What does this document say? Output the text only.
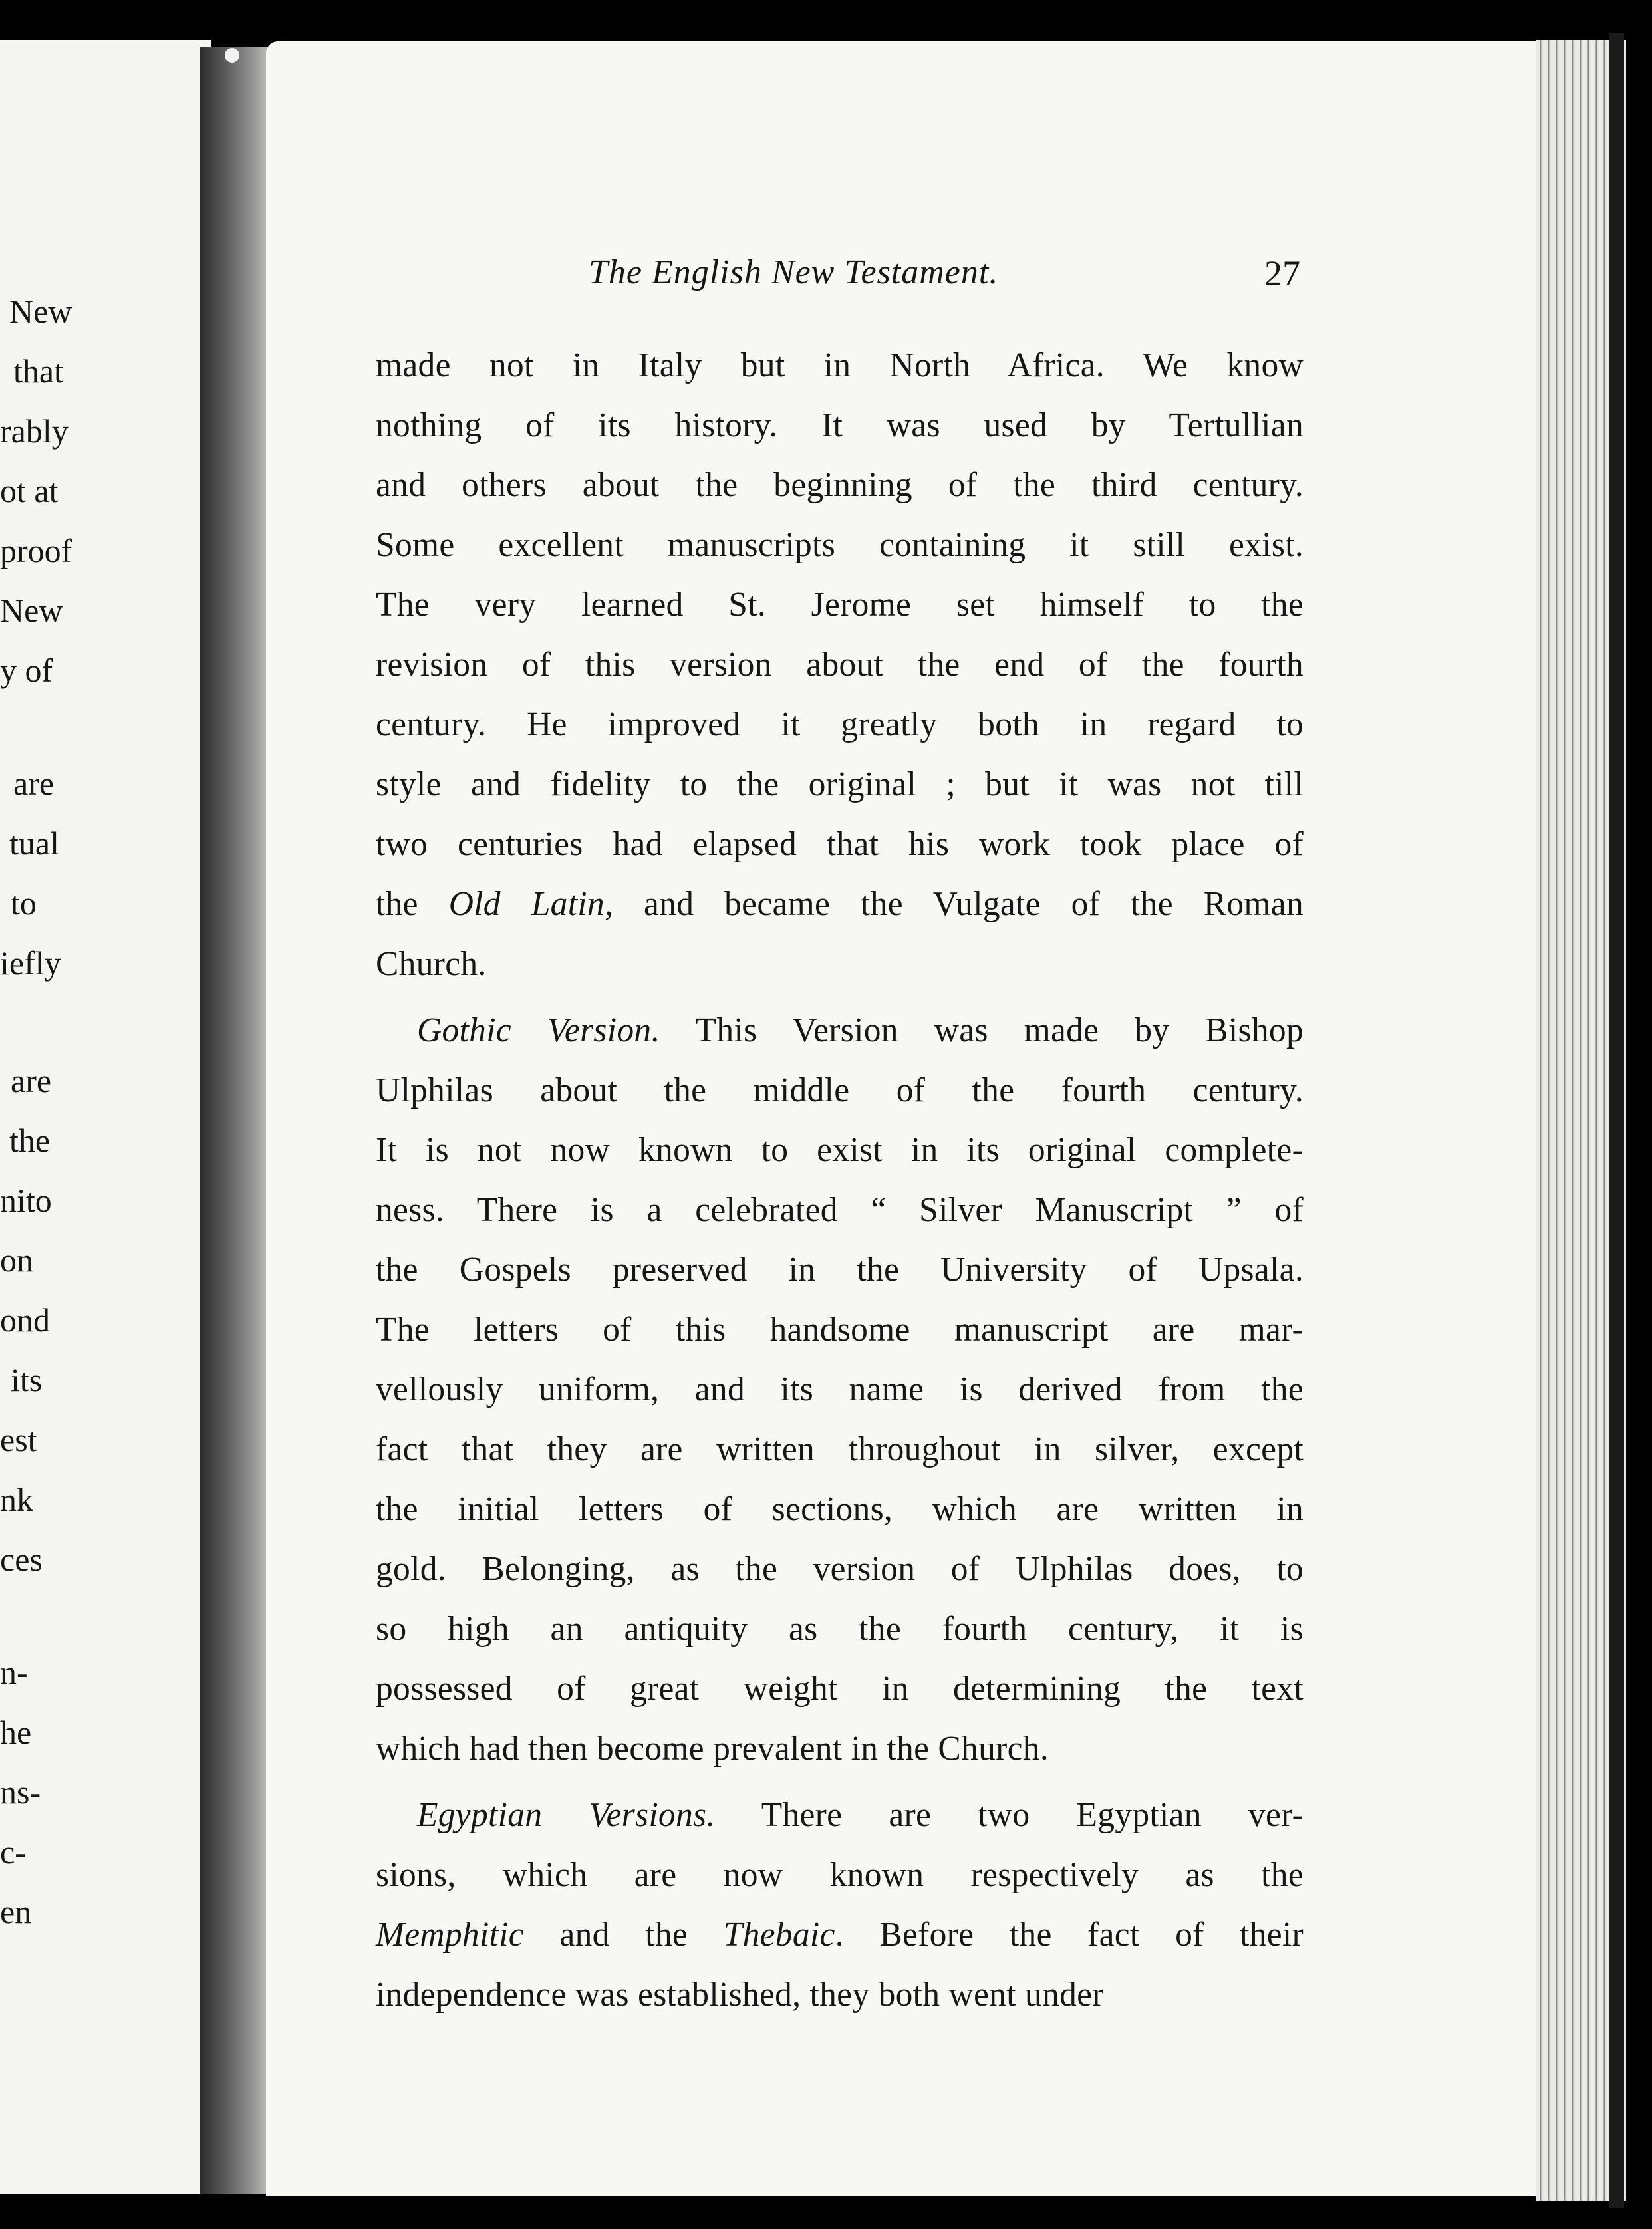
New
that
rably
ot at
proof
New
y of
are
tual
to
iefly
are
the
nito
on
ond
its
est
nk
ces
n-
he
ns-
c-
en
The English New Testament.	27
made not in Italy but in North Africa. We know
nothing of its history. It was used by Tertullian
and others about the beginning of the third century.
Some excellent manuscripts containing it still exist.
The very learned St. Jerome set himself to the
revision of this version about the end of the fourth
century. He improved it greatly both in regard to
style and fidelity to the original ; but it was not till
two centuries had elapsed that his work took place of
the Old Latin, and became the Vulgate of the Roman
Church.
Gothic Version. This Version was made by Bishop
Ulphilas about the middle of the fourth century.
It is not now known to exist in its original complete-
ness. There is a celebrated “ Silver Manuscript ” of
the Gospels preserved in the University of Upsala.
The letters of this handsome manuscript are mar-
vellously uniform, and its name is derived from the
fact that they are written throughout in silver, except
the initial letters of sections, which are written in
gold. Belonging, as the version of Ulphilas does, to
so high an antiquity as the fourth century, it is
possessed of great weight in determining the text
which had then become prevalent in the Church.
Egyptian Versions. There are two Egyptian ver-
sions, which are now known respectively as the
Memphitic and the Thebaic. Before the fact of their
independence was established, they both went under
